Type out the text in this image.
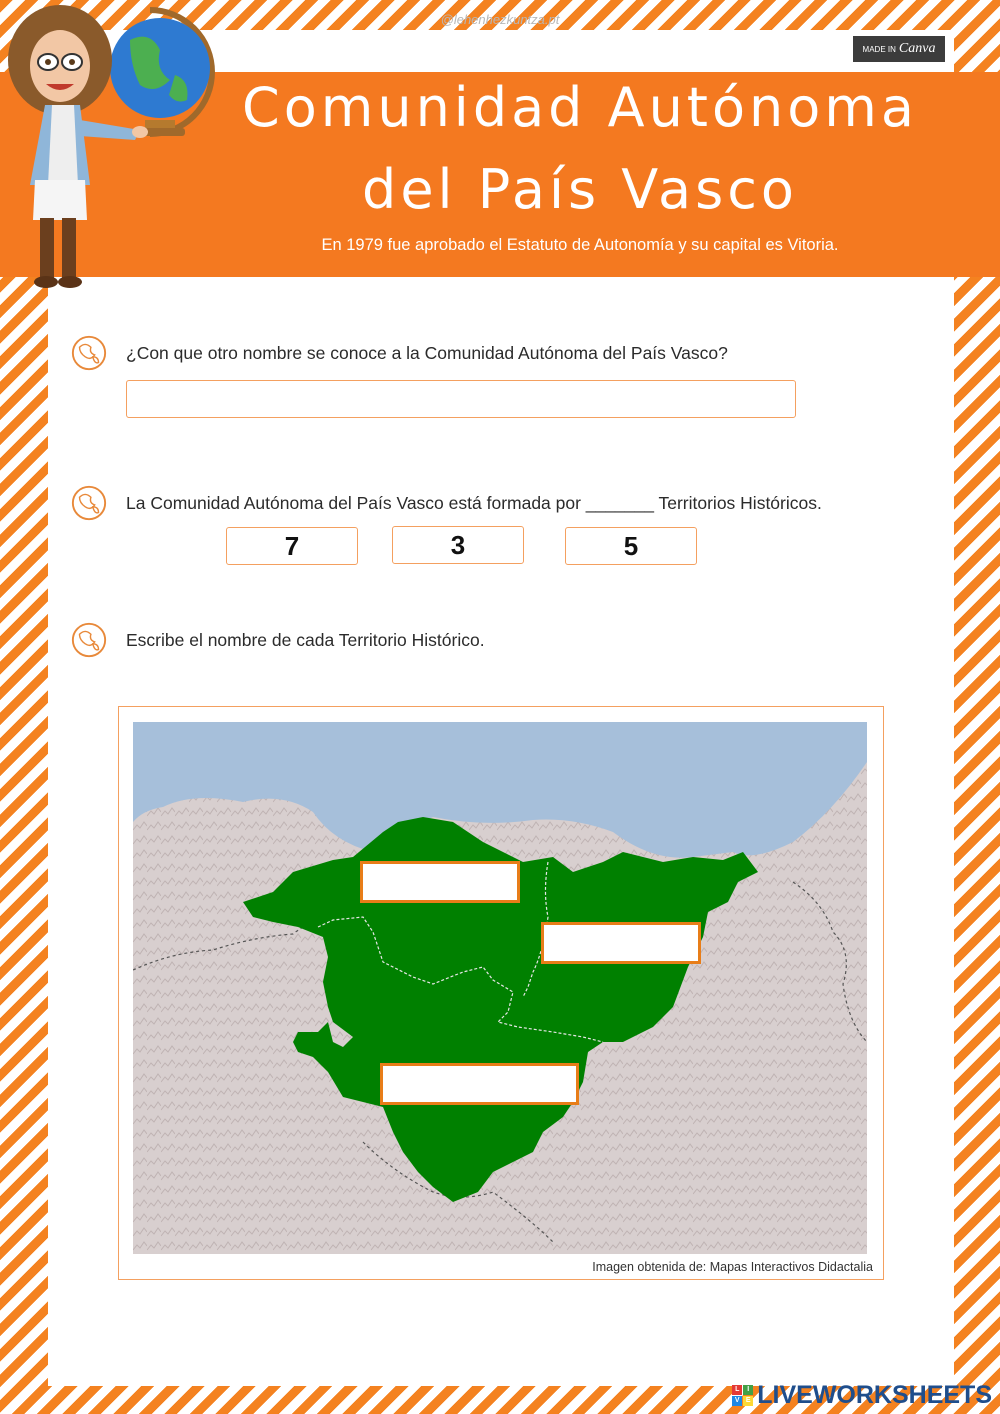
@lehenhezkuntza.pt
MADE IN Canva
Comunidad Autónoma
del País Vasco
En 1979 fue aprobado el Estatuto de Autonomía y su capital es Vitoria.
¿Con que otro nombre se conoce a la Comunidad Autónoma del País Vasco?
La Comunidad Autónoma del País Vasco está formada por _______ Territorios Históricos.
7	3	5
Escribe el nombre de cada Territorio Histórico.
Imagen obtenida de: Mapas Interactivos Didactalia
L	I
V E LIVEWORKSHEETS
